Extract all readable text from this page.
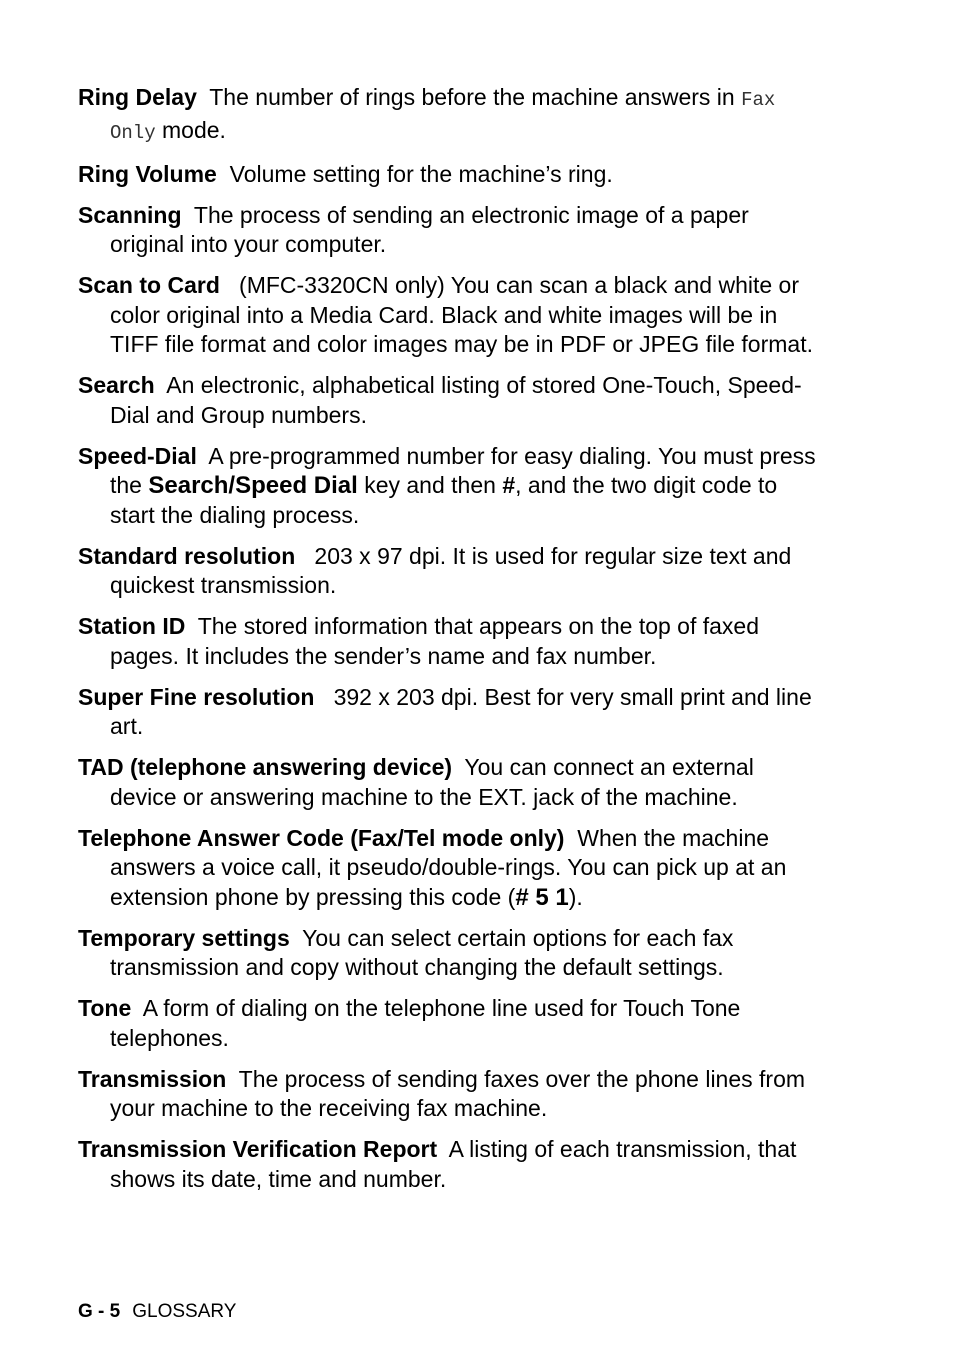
Ring Delay The number of rings before the machine answers in Fax Only mode.

Ring Volume Volume setting for the machine’s ring.

Scanning The process of sending an electronic image of a paper original into your computer.

Scan to Card   (MFC-3320CN only) You can scan a black and white or color original into a Media Card. Black and white images will be in TIFF file format and color images may be in PDF or JPEG file format.

Search An electronic, alphabetical listing of stored One-Touch, Speed-Dial and Group numbers.

Speed-Dial A pre-programmed number for easy dialing. You must press the Search/Speed Dial key and then #, and the two digit code to start the dialing process.

Standard resolution   203 x 97 dpi. It is used for regular size text and quickest transmission.

Station ID The stored information that appears on the top of faxed pages. It includes the sender’s name and fax number.

Super Fine resolution   392 x 203 dpi. Best for very small print and line art.

TAD (telephone answering device) You can connect an external device or answering machine to the EXT. jack of the machine.

Telephone Answer Code (Fax/Tel mode only) When the machine answers a voice call, it pseudo/double-rings. You can pick up at an extension phone by pressing this code (# 5 1).

Temporary settings You can select certain options for each fax transmission and copy without changing the default settings.

Tone A form of dialing on the telephone line used for Touch Tone telephones.

Transmission The process of sending faxes over the phone lines from your machine to the receiving fax machine.

Transmission Verification Report A listing of each transmission, that shows its date, time and number.

G - 5 GLOSSARY
